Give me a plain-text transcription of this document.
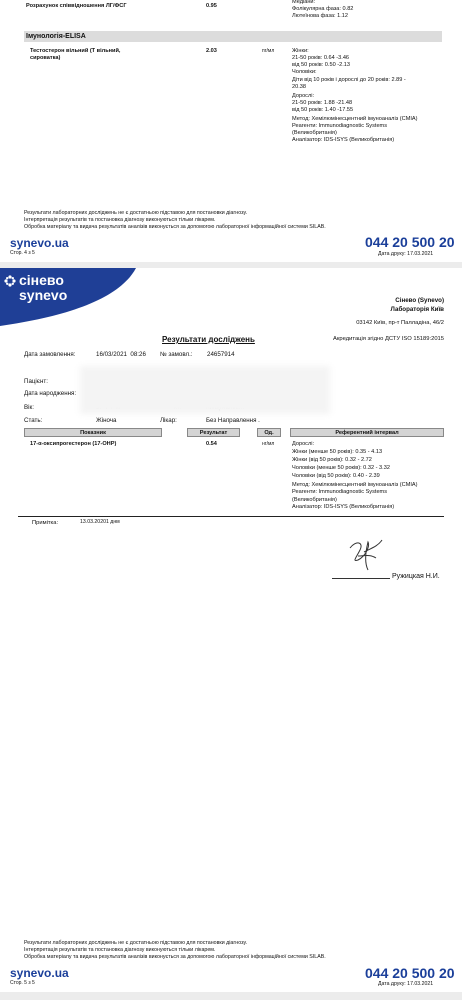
Розрахунок співвідношення ЛГ/ФСГ	0.95
Медіани:
Фолікулярна фаза: 0.82
Лютеїнова фаза: 1.12
Імунологія-ELISA
Тестостерон вільний (Т вільний,
сироватка)
2.03	пг/мл	Жінки:
21-50 років: 0.64 -3.46
від 50 років: 0.50 -2.13
Чоловіки:
Діти від 10 років і дорослі до 20 років: 2.89 -
20.38
Дорослі:
21-50 років: 1.88 -21.48
від 50 років: 1.40 -17.55
Метод: Хемілюмінесцентний імуноаналіз (CMIA)
Реагенти: Immunodiagnostic Systems
(Великобританія)
Аналізатор: IDS-ISYS (Великобританія)
Результати лабораторних досліджень не є достатньою підставою для постановки діагнозу.
Інтерпретація результатів та постановка діагнозу виконуються тільки лікарем.
Обробка матеріалу та видача результатів аналізів виконується за допомогою лабораторної інформаційної системи SILAB.
synevo.ua
Стор. 4 з 5
044 20 500 20
Дата друку: 17.03.2021
сінево
synevo	Сінево (Synevo)
Лабораторія Київ
03142 Київ, пр-т Палладіна, 46/2
Акредитація згідно ДСТУ ISO 15189:2015
Результати досліджень
Дата замовлення:	16/03/2021  08:26 № замовл.: 24657914
Пацієнт:
Дата народження:
Вік:
Стать:	Жіноча	Лікар:	Без Направлення .
Показник	Результат	Од.	Референтний інтервал
17-α-оксипрогестерон (17-OHP)	0.54	нг/мл	Дорослі:
Жінки (менше 50 років): 0.35 - 4.13
Жінки (від 50 років): 0.32 - 2.72
Чоловіки (менше 50 років): 0.32 - 3.32
Чоловіки (від 50 років): 0.40 - 2.39
Метод: Хемілюмінесцентний імуноаналіз (CMIA)
Реагенти: Immunodiagnostic Systems
(Великобританія)
Аналізатор: IDS-ISYS (Великобританія)
Примітка:	13.03.20201 днм
Ружицкая Н.И.
Результати лабораторних досліджень не є достатньою підставою для постановки діагнозу.
Інтерпретація результатів та постановка діагнозу виконуються тільки лікарем.
Обробка матеріалу та видача результатів аналізів виконується за допомогою лабораторної інформаційної системи SILAB.
synevo.ua
Стор. 5 з 5
044 20 500 20
Дата друку: 17.03.2021
